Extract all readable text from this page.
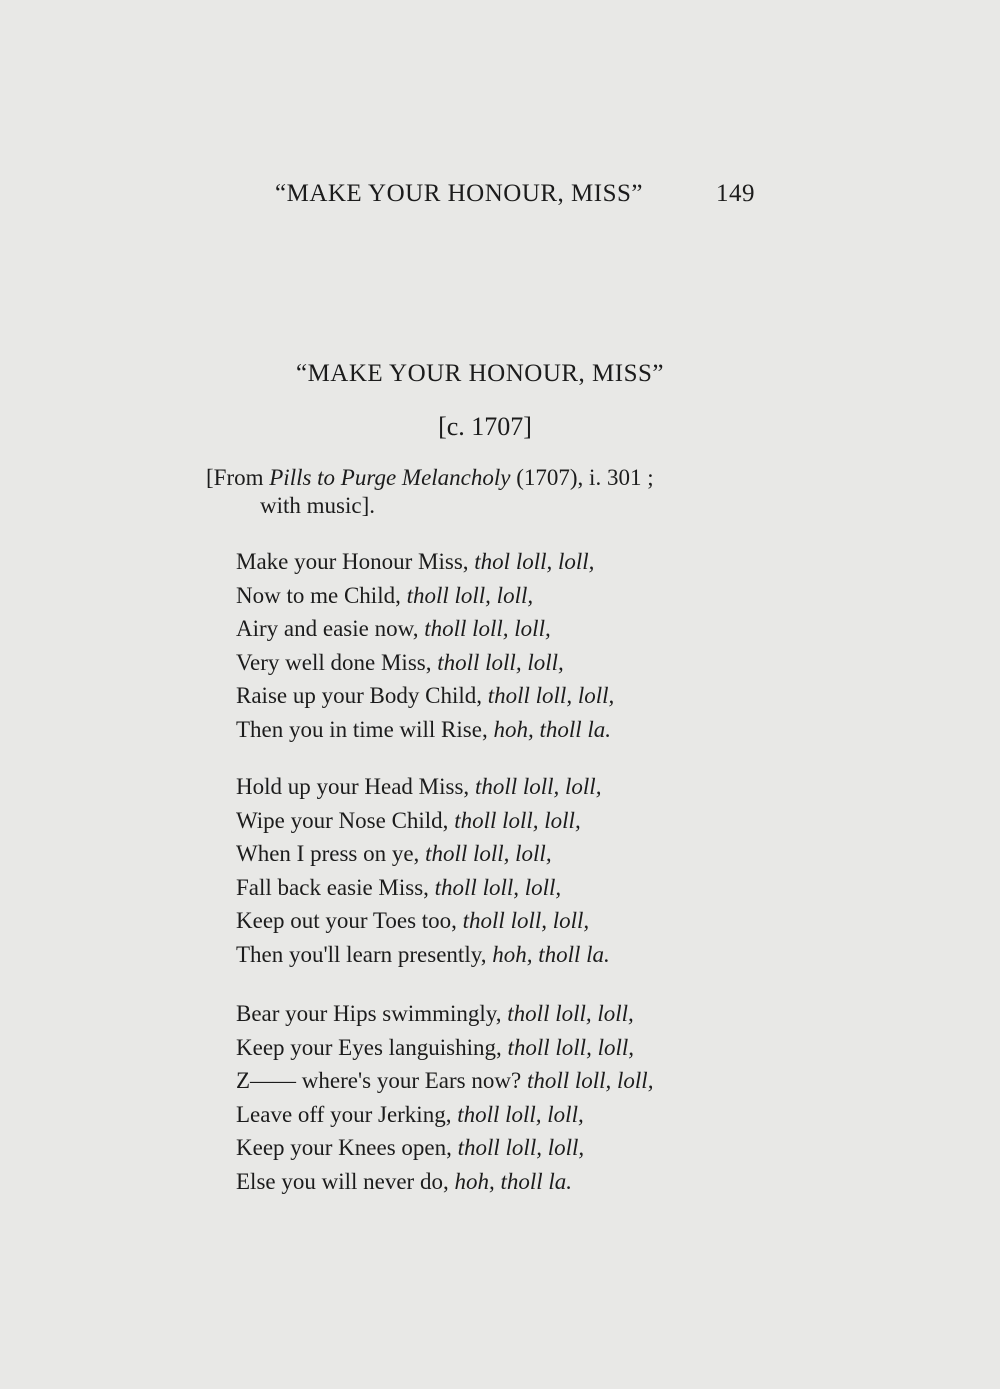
“MAKE YOUR HONOUR, MISS”	149
“MAKE YOUR HONOUR, MISS”
[c. 1707]
[From Pills to Purge Melancholy (1707), i. 301 ;
with music].
Make your Honour Miss, thol loll, loll,
Now to me Child, tholl loll, loll,
Airy and easie now, tholl loll, loll,
Very well done Miss, tholl loll, loll,
Raise up your Body Child, tholl loll, loll,
Then you in time will Rise, hoh, tholl la.
Hold up your Head Miss, tholl loll, loll,
Wipe your Nose Child, tholl loll, loll,
When I press on ye, tholl loll, loll,
Fall back easie Miss, tholl loll, loll,
Keep out your Toes too, tholl loll, loll,
Then you'll learn presently, hoh, tholl la.
Bear your Hips swimmingly, tholl loll, loll,
Keep your Eyes languishing, tholl loll, loll,
Z—— where's your Ears now? tholl loll, loll,
Leave off your Jerking, tholl loll, loll,
Keep your Knees open, tholl loll, loll,
Else you will never do, hoh, tholl la.
